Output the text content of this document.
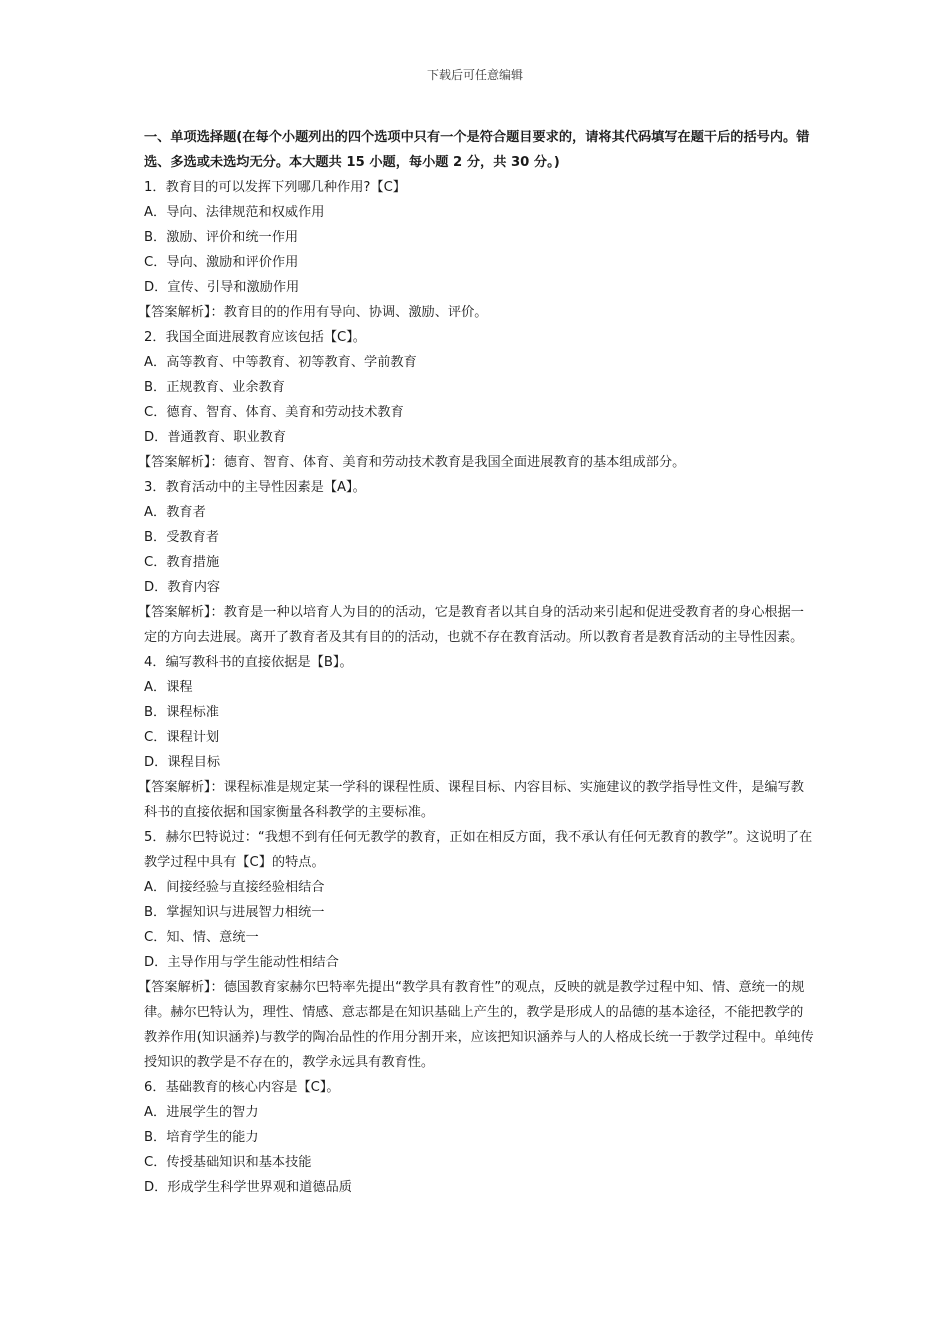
下载后可任意编辑
一、单项选择题(在每个小题列出的四个选项中只有一个是符合题目要求的，请将其代码填写在题干后的括号内。错选、多选或未选均无分。本大题共 15 小题，每小题 2 分，共 30 分。)
1．教育目的可以发挥下列哪几种作用?【C】
A．导向、法律规范和权威作用
B．激励、评价和统一作用
C．导向、激励和评价作用
D．宣传、引导和激励作用
【答案解析】：教育目的的作用有导向、协调、激励、评价。
2．我国全面进展教育应该包括【C】。
A．高等教育、中等教育、初等教育、学前教育
B．正规教育、业余教育
C．德育、智育、体育、美育和劳动技术教育
D．普通教育、职业教育
【答案解析】：德育、智育、体育、美育和劳动技术教育是我国全面进展教育的基本组成部分。
3．教育活动中的主导性因素是【A】。
A．教育者
B．受教育者
C．教育措施
D．教育内容
【答案解析】：教育是一种以培育人为目的的活动，它是教育者以其自身的活动来引起和促进受教育者的身心根据一定的方向去进展。离开了教育者及其有目的的活动，也就不存在教育活动。所以教育者是教育活动的主导性因素。
4．编写教科书的直接依据是【B】。
A．课程
B．课程标准
C．课程计划
D．课程目标
【答案解析】：课程标准是规定某一学科的课程性质、课程目标、内容目标、实施建议的教学指导性文件，是编写教科书的直接依据和国家衡量各科教学的主要标准。
5．赫尔巴特说过：“我想不到有任何无教学的教育，正如在相反方面，我不承认有任何无教育的教学”。这说明了在教学过程中具有【C】的特点。
A．间接经验与直接经验相结合
B．掌握知识与进展智力相统一
C．知、情、意统一
D．主导作用与学生能动性相结合
【答案解析】：德国教育家赫尔巴特率先提出“教学具有教育性”的观点，反映的就是教学过程中知、情、意统一的规律。赫尔巴特认为，理性、情感、意志都是在知识基础上产生的，教学是形成人的品德的基本途径，不能把教学的教养作用(知识涵养)与教学的陶冶品性的作用分割开来，应该把知识涵养与人的人格成长统一于教学过程中。单纯传授知识的教学是不存在的，教学永远具有教育性。
6．基础教育的核心内容是【C】。
A．进展学生的智力
B．培育学生的能力
C．传授基础知识和基本技能
D．形成学生科学世界观和道德品质
